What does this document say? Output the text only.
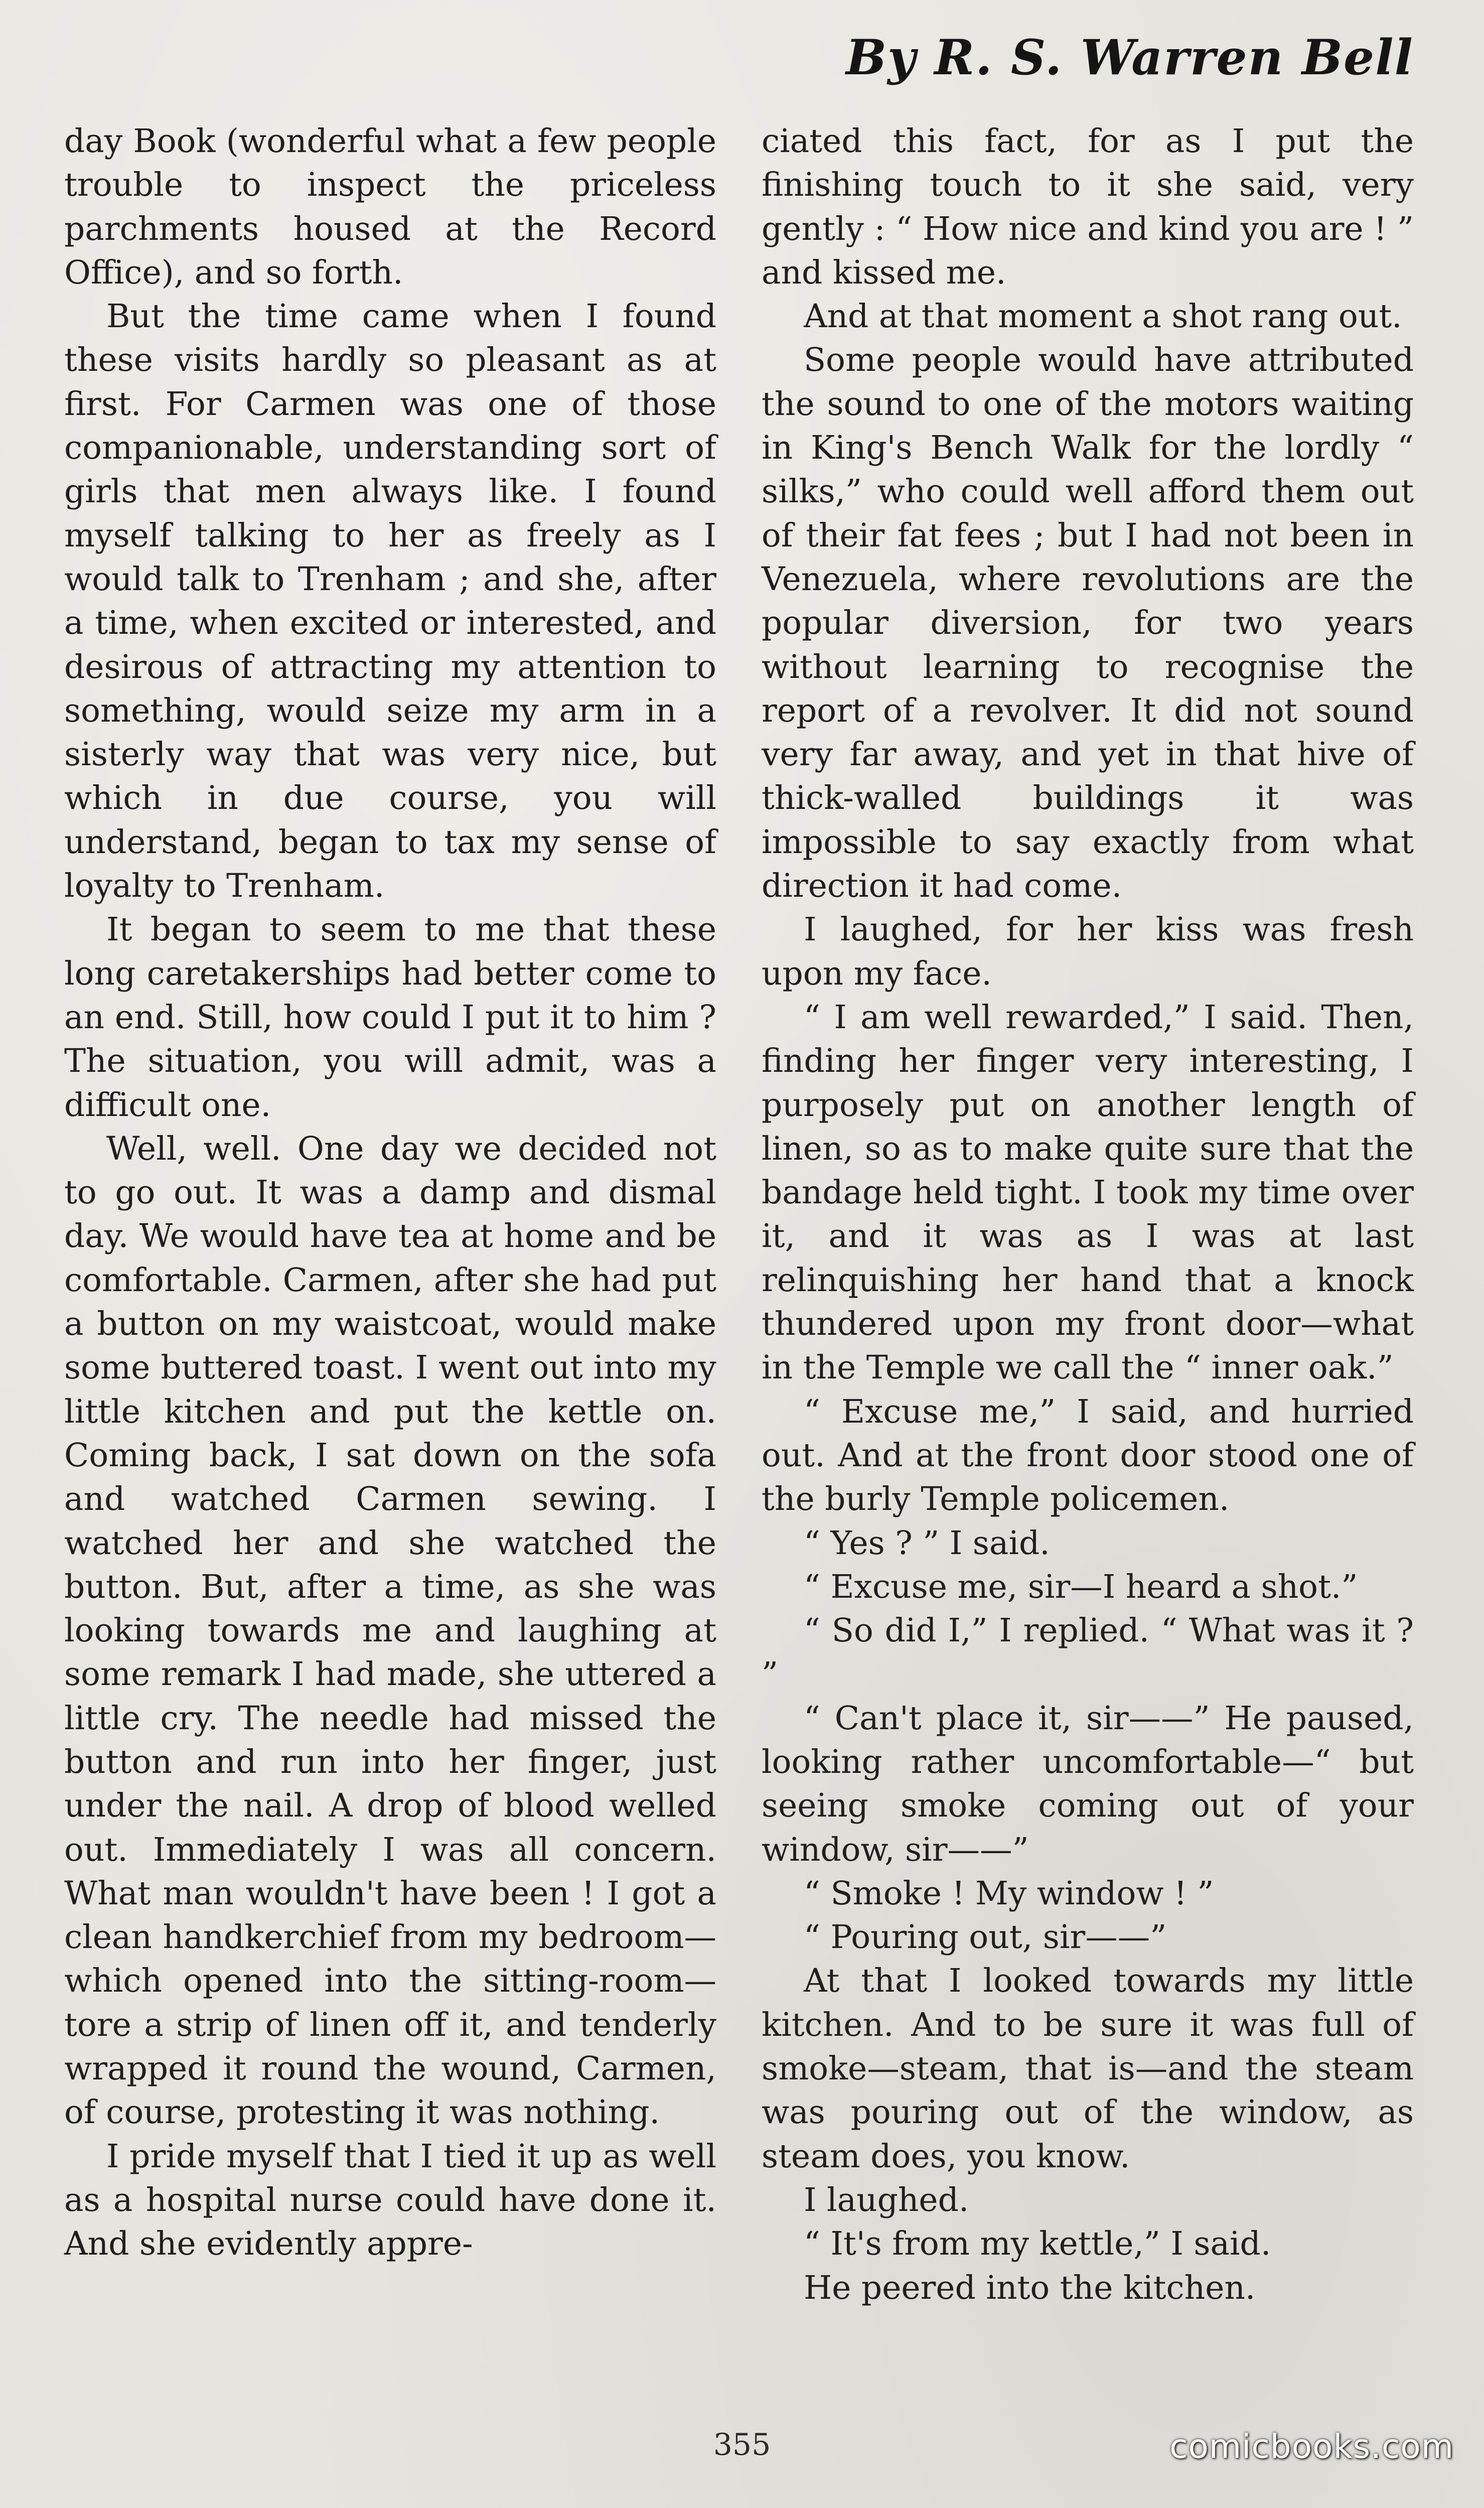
By R. S. Warren Bell

day Book (wonderful what a few people trouble to inspect the priceless parchments housed at the Record Office), and so forth.

But the time came when I found these visits hardly so pleasant as at first. For Carmen was one of those companionable, understanding sort of girls that men always like. I found myself talking to her as freely as I would talk to Trenham ; and she, after a time, when excited or interested, and desirous of attracting my attention to something, would seize my arm in a sisterly way that was very nice, but which in due course, you will understand, began to tax my sense of loyalty to Trenham.

It began to seem to me that these long caretakerships had better come to an end. Still, how could I put it to him ? The situation, you will admit, was a difficult one.

Well, well. One day we decided not to go out. It was a damp and dismal day. We would have tea at home and be comfortable. Carmen, after she had put a button on my waistcoat, would make some buttered toast. I went out into my little kitchen and put the kettle on. Coming back, I sat down on the sofa and watched Carmen sewing. I watched her and she watched the button. But, after a time, as she was looking towards me and laughing at some remark I had made, she uttered a little cry. The needle had missed the button and run into her finger, just under the nail. A drop of blood welled out. Immediately I was all concern. What man wouldn't have been ! I got a clean handkerchief from my bedroom—which opened into the sitting-room—tore a strip of linen off it, and tenderly wrapped it round the wound, Carmen, of course, protesting it was nothing.

I pride myself that I tied it up as well as a hospital nurse could have done it. And she evidently appre-

ciated this fact, for as I put the finishing touch to it she said, very gently : “ How nice and kind you are ! ” and kissed me.

And at that moment a shot rang out.

Some people would have attributed the sound to one of the motors waiting in King's Bench Walk for the lordly “ silks,” who could well afford them out of their fat fees ; but I had not been in Venezuela, where revolutions are the popular diversion, for two years without learning to recognise the report of a revolver. It did not sound very far away, and yet in that hive of thick-walled buildings it was impossible to say exactly from what direction it had come.

I laughed, for her kiss was fresh upon my face.

“ I am well rewarded,” I said. Then, finding her finger very interesting, I purposely put on another length of linen, so as to make quite sure that the bandage held tight. I took my time over it, and it was as I was at last relinquishing her hand that a knock thundered upon my front door—what in the Temple we call the “ inner oak.”

“ Excuse me,” I said, and hurried out. And at the front door stood one of the burly Temple policemen.

“ Yes ? ” I said.

“ Excuse me, sir—I heard a shot.”

“ So did I,” I replied. “ What was it ? ”

“ Can't place it, sir——” He paused, looking rather uncomfortable—“ but seeing smoke coming out of your window, sir——”

“ Smoke ! My window ! ”

“ Pouring out, sir——”

At that I looked towards my little kitchen. And to be sure it was full of smoke—steam, that is—and the steam was pouring out of the window, as steam does, you know.

I laughed.

“ It's from my kettle,” I said.

He peered into the kitchen.

355	comicbooks.com
